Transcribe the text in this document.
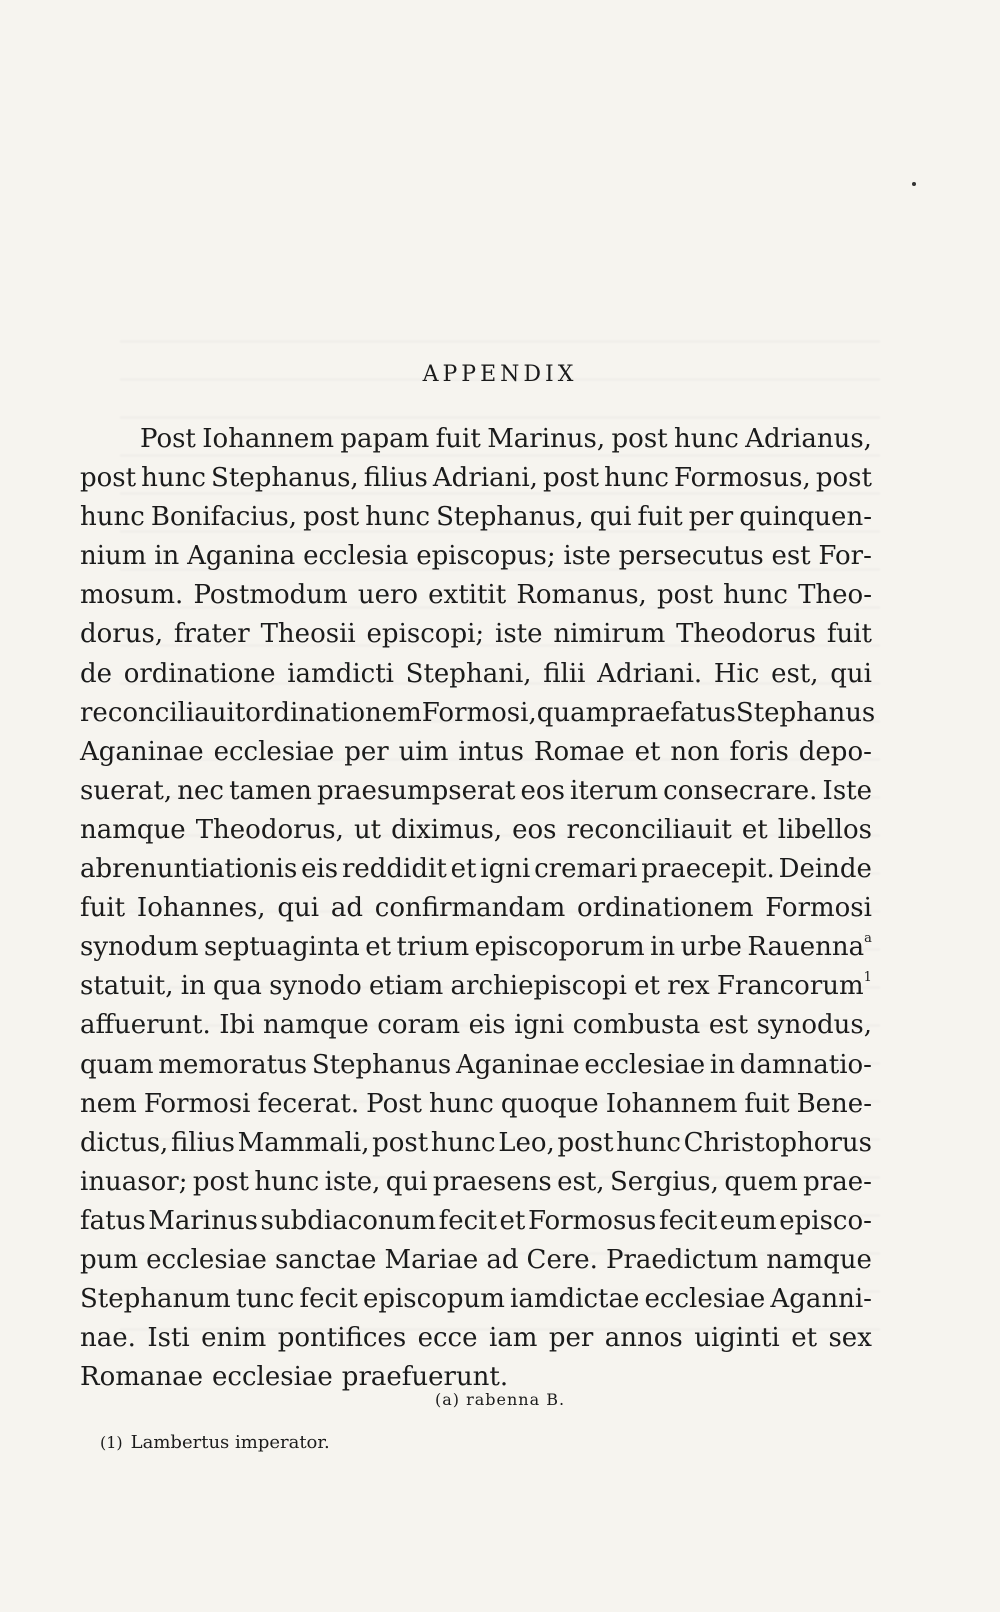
APPENDIX
Post Iohannem papam fuit Marinus, post hunc Adrianus,
post hunc Stephanus, filius Adriani, post hunc Formosus, post
hunc Bonifacius, post hunc Stephanus, qui fuit per quinquen-
nium in Aganina ecclesia episcopus; iste persecutus est For-
mosum. Postmodum uero extitit Romanus, post hunc Theo-
dorus, frater Theosii episcopi; iste nimirum Theodorus fuit
de ordinatione iamdicti Stephani, filii Adriani. Hic est, qui
reconciliauit ordinationem Formosi, quam praefatus Stephanus
Aganinae ecclesiae per uim intus Romae et non foris depo-
suerat, nec tamen praesumpserat eos iterum consecrare. Iste
namque Theodorus, ut diximus, eos reconciliauit et libellos
abrenuntiationis eis reddidit et igni cremari praecepit. Deinde
fuit Iohannes, qui ad confirmandam ordinationem Formosi
synodum septuaginta et trium episcoporum in urbe Rauenna$^a$
statuit, in qua synodo etiam archiepiscopi et rex Francorum$^1$
affuerunt. Ibi namque coram eis igni combusta est synodus,
quam memoratus Stephanus Aganinae ecclesiae in damnatio-
nem Formosi fecerat. Post hunc quoque Iohannem fuit Bene-
dictus, filius Mammali, post hunc Leo, post hunc Christophorus
inuasor; post hunc iste, qui praesens est, Sergius, quem prae-
fatus Marinus subdiaconum fecit et Formosus fecit eum episco-
pum ecclesiae sanctae Mariae ad Cere. Praedictum namque
Stephanum tunc fecit episcopum iamdictae ecclesiae Aganni-
nae. Isti enim pontifices ecce iam per annos uiginti et sex
Romanae ecclesiae praefuerunt.
(a) rabenna B.
(1) Lambertus imperator.
